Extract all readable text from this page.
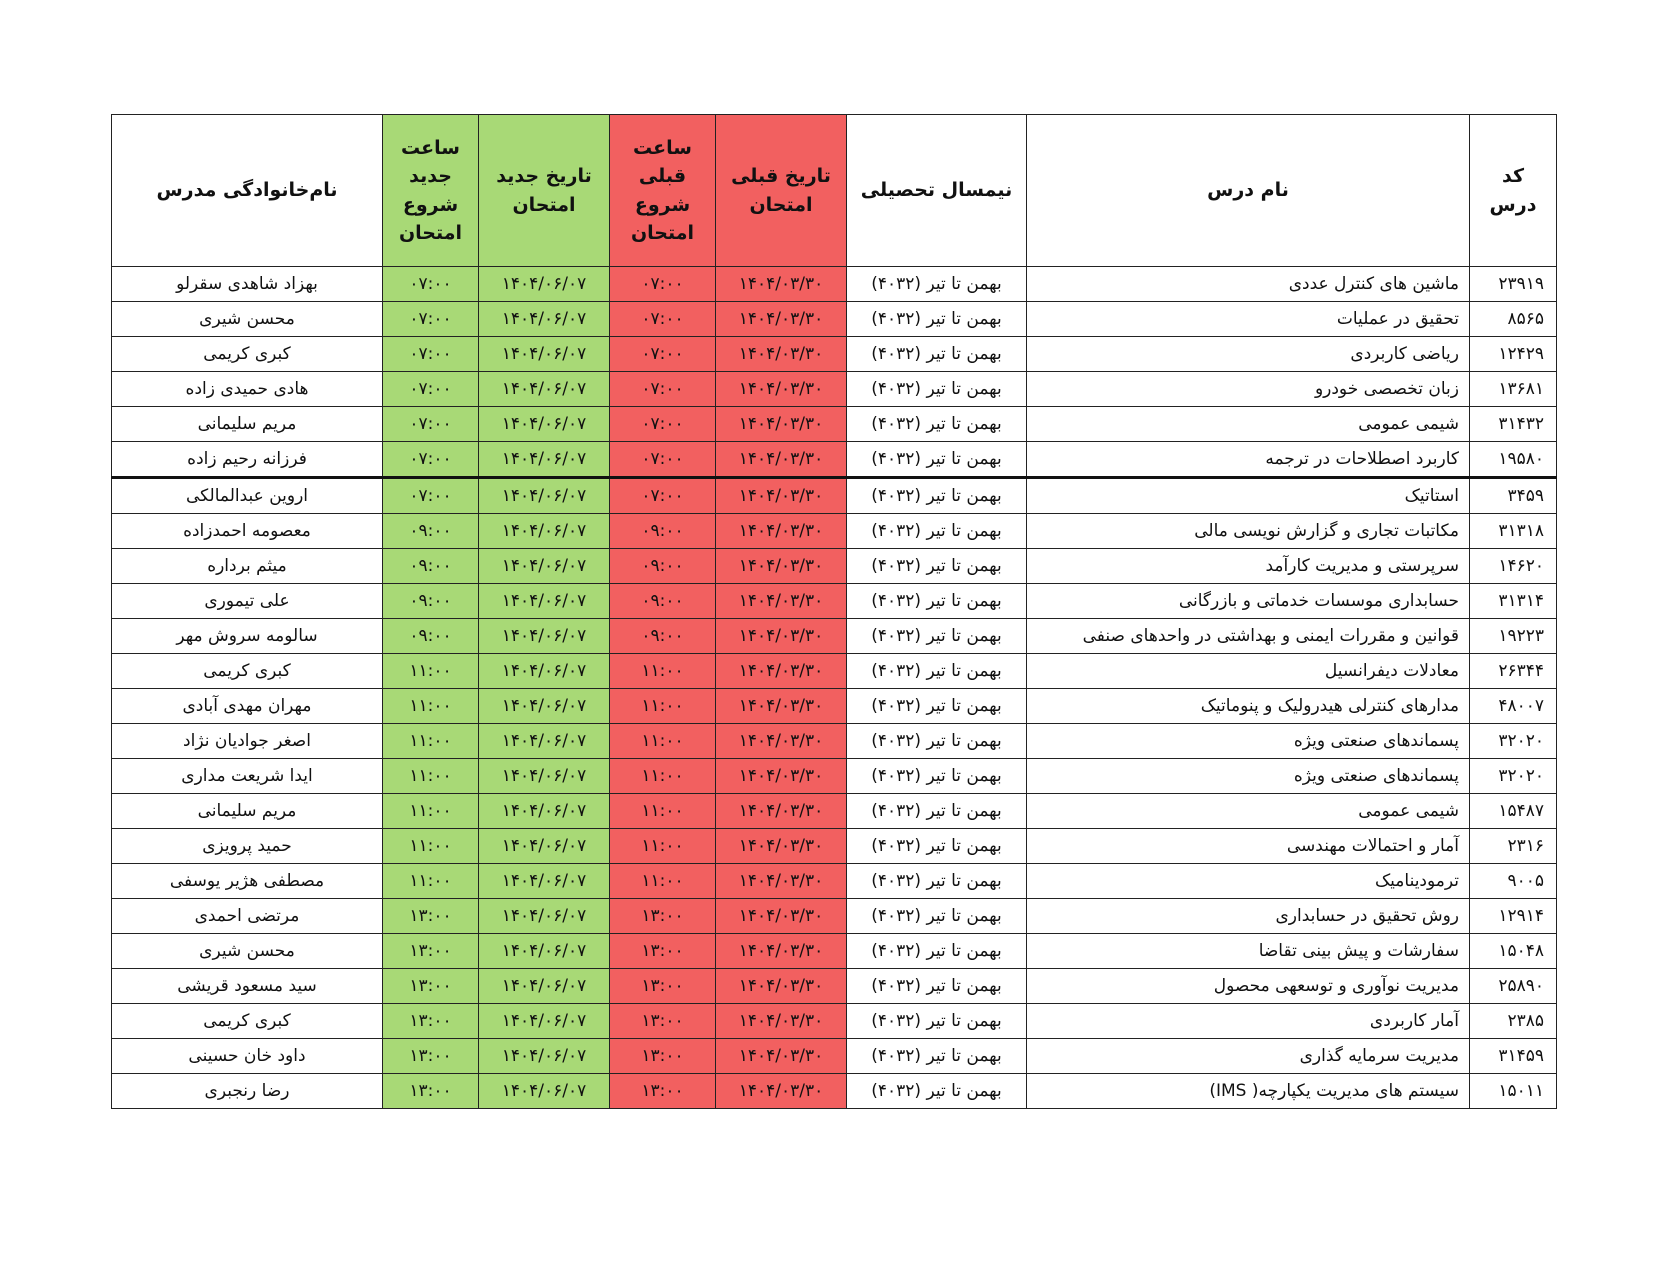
کد درس	نام درس	نیمسال تحصیلی	تاریخ قبلی امتحان	ساعت قبلی شروع امتحان	تاریخ جدید امتحان	ساعت جدید شروع امتحان	نام‌خانوادگی مدرس
۲۳۹۱۹	ماشین های کنترل عددی	بهمن تا تیر (۴۰۳۲)	۱۴۰۴/۰۳/۳۰	۰۷:۰۰	۱۴۰۴/۰۶/۰۷	۰۷:۰۰	بهزاد شاهدی سقرلو
۸۵۶۵	تحقیق در عملیات	بهمن تا تیر (۴۰۳۲)	۱۴۰۴/۰۳/۳۰	۰۷:۰۰	۱۴۰۴/۰۶/۰۷	۰۷:۰۰	محسن شیری
۱۲۴۲۹	ریاضی کاربردی	بهمن تا تیر (۴۰۳۲)	۱۴۰۴/۰۳/۳۰	۰۷:۰۰	۱۴۰۴/۰۶/۰۷	۰۷:۰۰	کبری کریمی
۱۳۶۸۱	زبان تخصصی خودرو	بهمن تا تیر (۴۰۳۲)	۱۴۰۴/۰۳/۳۰	۰۷:۰۰	۱۴۰۴/۰۶/۰۷	۰۷:۰۰	هادی حمیدی زاده
۳۱۴۳۲	شیمی عمومی	بهمن تا تیر (۴۰۳۲)	۱۴۰۴/۰۳/۳۰	۰۷:۰۰	۱۴۰۴/۰۶/۰۷	۰۷:۰۰	مریم سلیمانی
۱۹۵۸۰	کاربرد اصطلاحات در ترجمه	بهمن تا تیر (۴۰۳۲)	۱۴۰۴/۰۳/۳۰	۰۷:۰۰	۱۴۰۴/۰۶/۰۷	۰۷:۰۰	فرزانه رحیم زاده
۳۴۵۹	استاتیک	بهمن تا تیر (۴۰۳۲)	۱۴۰۴/۰۳/۳۰	۰۷:۰۰	۱۴۰۴/۰۶/۰۷	۰۷:۰۰	اروین عبدالمالکی
۳۱۳۱۸	مکاتبات تجاری و گزارش نویسی مالی	بهمن تا تیر (۴۰۳۲)	۱۴۰۴/۰۳/۳۰	۰۹:۰۰	۱۴۰۴/۰۶/۰۷	۰۹:۰۰	معصومه احمدزاده
۱۴۶۲۰	سرپرستی و مدیریت کارآمد	بهمن تا تیر (۴۰۳۲)	۱۴۰۴/۰۳/۳۰	۰۹:۰۰	۱۴۰۴/۰۶/۰۷	۰۹:۰۰	میثم برداره
۳۱۳۱۴	حسابداری موسسات خدماتی و بازرگانی	بهمن تا تیر (۴۰۳۲)	۱۴۰۴/۰۳/۳۰	۰۹:۰۰	۱۴۰۴/۰۶/۰۷	۰۹:۰۰	علی تیموری
۱۹۲۲۳	قوانین و مقررات ایمنی و بهداشتی در واحدهای صنفی	بهمن تا تیر (۴۰۳۲)	۱۴۰۴/۰۳/۳۰	۰۹:۰۰	۱۴۰۴/۰۶/۰۷	۰۹:۰۰	سالومه سروش مهر
۲۶۳۴۴	معادلات دیفرانسیل	بهمن تا تیر (۴۰۳۲)	۱۴۰۴/۰۳/۳۰	۱۱:۰۰	۱۴۰۴/۰۶/۰۷	۱۱:۰۰	کبری کریمی
۴۸۰۰۷	مدارهای کنترلی هیدرولیک و پنوماتیک	بهمن تا تیر (۴۰۳۲)	۱۴۰۴/۰۳/۳۰	۱۱:۰۰	۱۴۰۴/۰۶/۰۷	۱۱:۰۰	مهران مهدی آبادی
۳۲۰۲۰	پسماندهای صنعتی ویژه	بهمن تا تیر (۴۰۳۲)	۱۴۰۴/۰۳/۳۰	۱۱:۰۰	۱۴۰۴/۰۶/۰۷	۱۱:۰۰	اصغر جوادیان نژاد
۳۲۰۲۰	پسماندهای صنعتی ویژه	بهمن تا تیر (۴۰۳۲)	۱۴۰۴/۰۳/۳۰	۱۱:۰۰	۱۴۰۴/۰۶/۰۷	۱۱:۰۰	ایدا شریعت مداری
۱۵۴۸۷	شیمی عمومی	بهمن تا تیر (۴۰۳۲)	۱۴۰۴/۰۳/۳۰	۱۱:۰۰	۱۴۰۴/۰۶/۰۷	۱۱:۰۰	مریم سلیمانی
۲۳۱۶	آمار و احتمالات مهندسی	بهمن تا تیر (۴۰۳۲)	۱۴۰۴/۰۳/۳۰	۱۱:۰۰	۱۴۰۴/۰۶/۰۷	۱۱:۰۰	حمید پرویزی
۹۰۰۵	ترمودینامیک	بهمن تا تیر (۴۰۳۲)	۱۴۰۴/۰۳/۳۰	۱۱:۰۰	۱۴۰۴/۰۶/۰۷	۱۱:۰۰	مصطفی هژیر یوسفی
۱۲۹۱۴	روش تحقیق در حسابداری	بهمن تا تیر (۴۰۳۲)	۱۴۰۴/۰۳/۳۰	۱۳:۰۰	۱۴۰۴/۰۶/۰۷	۱۳:۰۰	مرتضی احمدی
۱۵۰۴۸	سفارشات و پیش بینی تقاضا	بهمن تا تیر (۴۰۳۲)	۱۴۰۴/۰۳/۳۰	۱۳:۰۰	۱۴۰۴/۰۶/۰۷	۱۳:۰۰	محسن شیری
۲۵۸۹۰	مدیریت نوآوری و توسعهی محصول	بهمن تا تیر (۴۰۳۲)	۱۴۰۴/۰۳/۳۰	۱۳:۰۰	۱۴۰۴/۰۶/۰۷	۱۳:۰۰	سید مسعود قریشی
۲۳۸۵	آمار کاربردی	بهمن تا تیر (۴۰۳۲)	۱۴۰۴/۰۳/۳۰	۱۳:۰۰	۱۴۰۴/۰۶/۰۷	۱۳:۰۰	کبری کریمی
۳۱۴۵۹	مدیریت سرمایه گذاری	بهمن تا تیر (۴۰۳۲)	۱۴۰۴/۰۳/۳۰	۱۳:۰۰	۱۴۰۴/۰۶/۰۷	۱۳:۰۰	داود خان حسینی
۱۵۰۱۱	سیستم های مدیریت یکپارچه( IMS)	بهمن تا تیر (۴۰۳۲)	۱۴۰۴/۰۳/۳۰	۱۳:۰۰	۱۴۰۴/۰۶/۰۷	۱۳:۰۰	رضا رنجبری
